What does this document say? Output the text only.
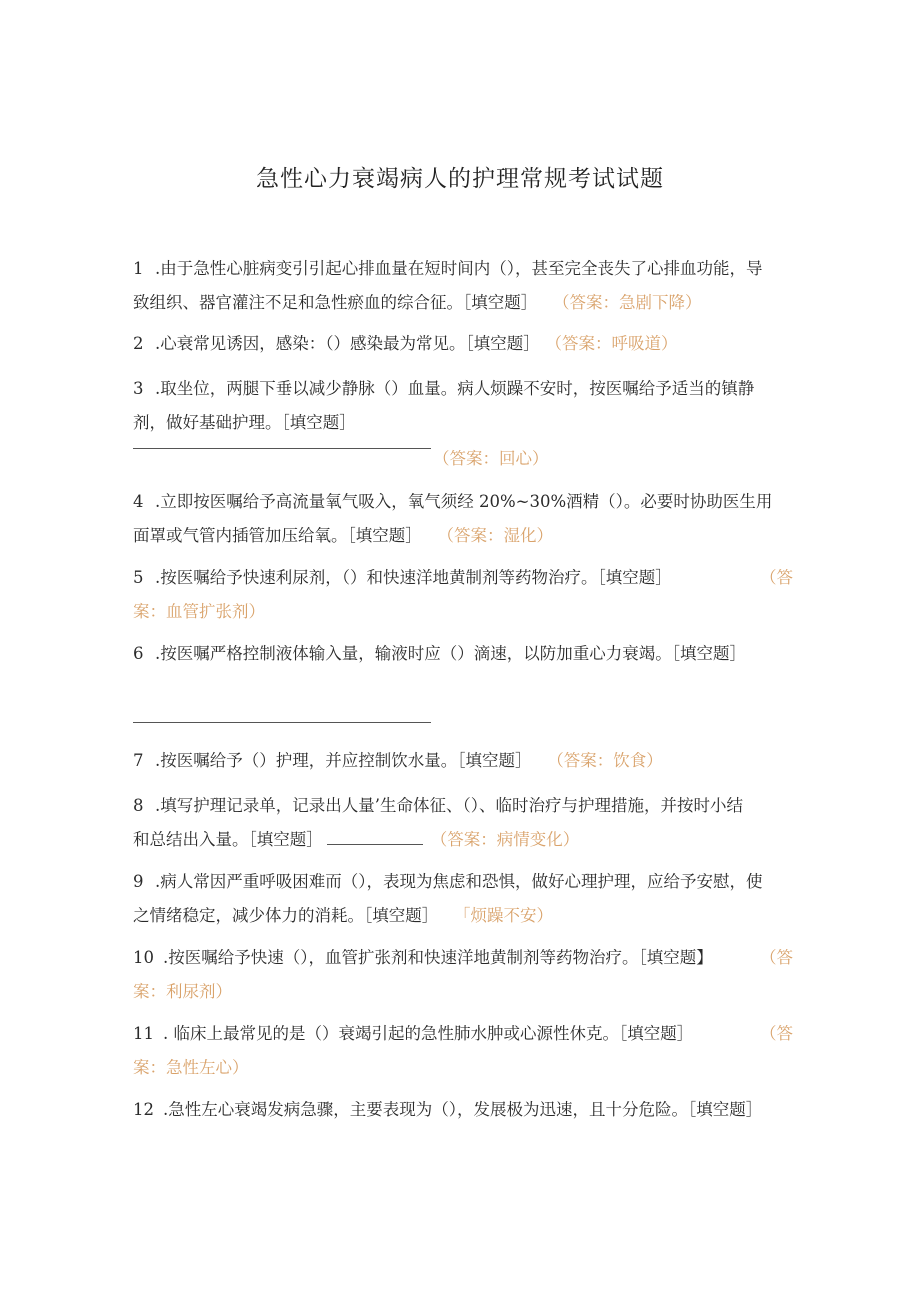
急性心力衰竭病人的护理常规考试试题
1 .由于急性心脏病变引引起心排血量在短时间内（），甚至完全丧失了心排血功能，导
致组织、器官灌注不足和急性瘀血的综合征。［填空题］ （答案：急剧下降）
2 .心衰常见诱因，感染：（）感染最为常见。［填空题］ （答案：呼吸道）
3 .取坐位，两腿下垂以减少静脉（）血量。病人烦躁不安时，按医嘱给予适当的镇静
剂，做好基础护理。［填空题］
（答案：回心）
4 .立即按医嘱给予高流量氧气吸入，氧气须经 20%~30%酒精（）。必要时协助医生用
面罩或气管内插管加压给氧。［填空题］ （答案：湿化）
5 .按医嘱给予快速利尿剂，（）和快速洋地黄制剂等药物治疗。［填空题］	（答
案：血管扩张剂）
6 .按医嘱严格控制液体输入量，输液时应（）滴速，以防加重心力衰竭。［填空题］
7 .按医嘱给予（）护理，并应控制饮水量。［填空题］ （答案：饮食）
8 .填写护理记录单，记录出人量’生命体征、（）、临时治疗与护理措施，并按时小结
和总结出入量。［填空题］	（答案：病情变化）
9 .病人常因严重呼吸困难而（），表现为焦虑和恐惧，做好心理护理，应给予安慰，使
之情绪稳定，减少体力的消耗。［填空题］ 「烦躁不安）
10 .按医嘱给予快速（），血管扩张剂和快速洋地黄制剂等药物治疗。［填空题】	（答
案：利尿剂）
11 . 临床上最常见的是（）衰竭引起的急性肺水肿或心源性休克。［填空题］	（答
案：急性左心）
12 .急性左心衰竭发病急骤，主要表现为（），发展极为迅速，且十分危险。［填空题］
